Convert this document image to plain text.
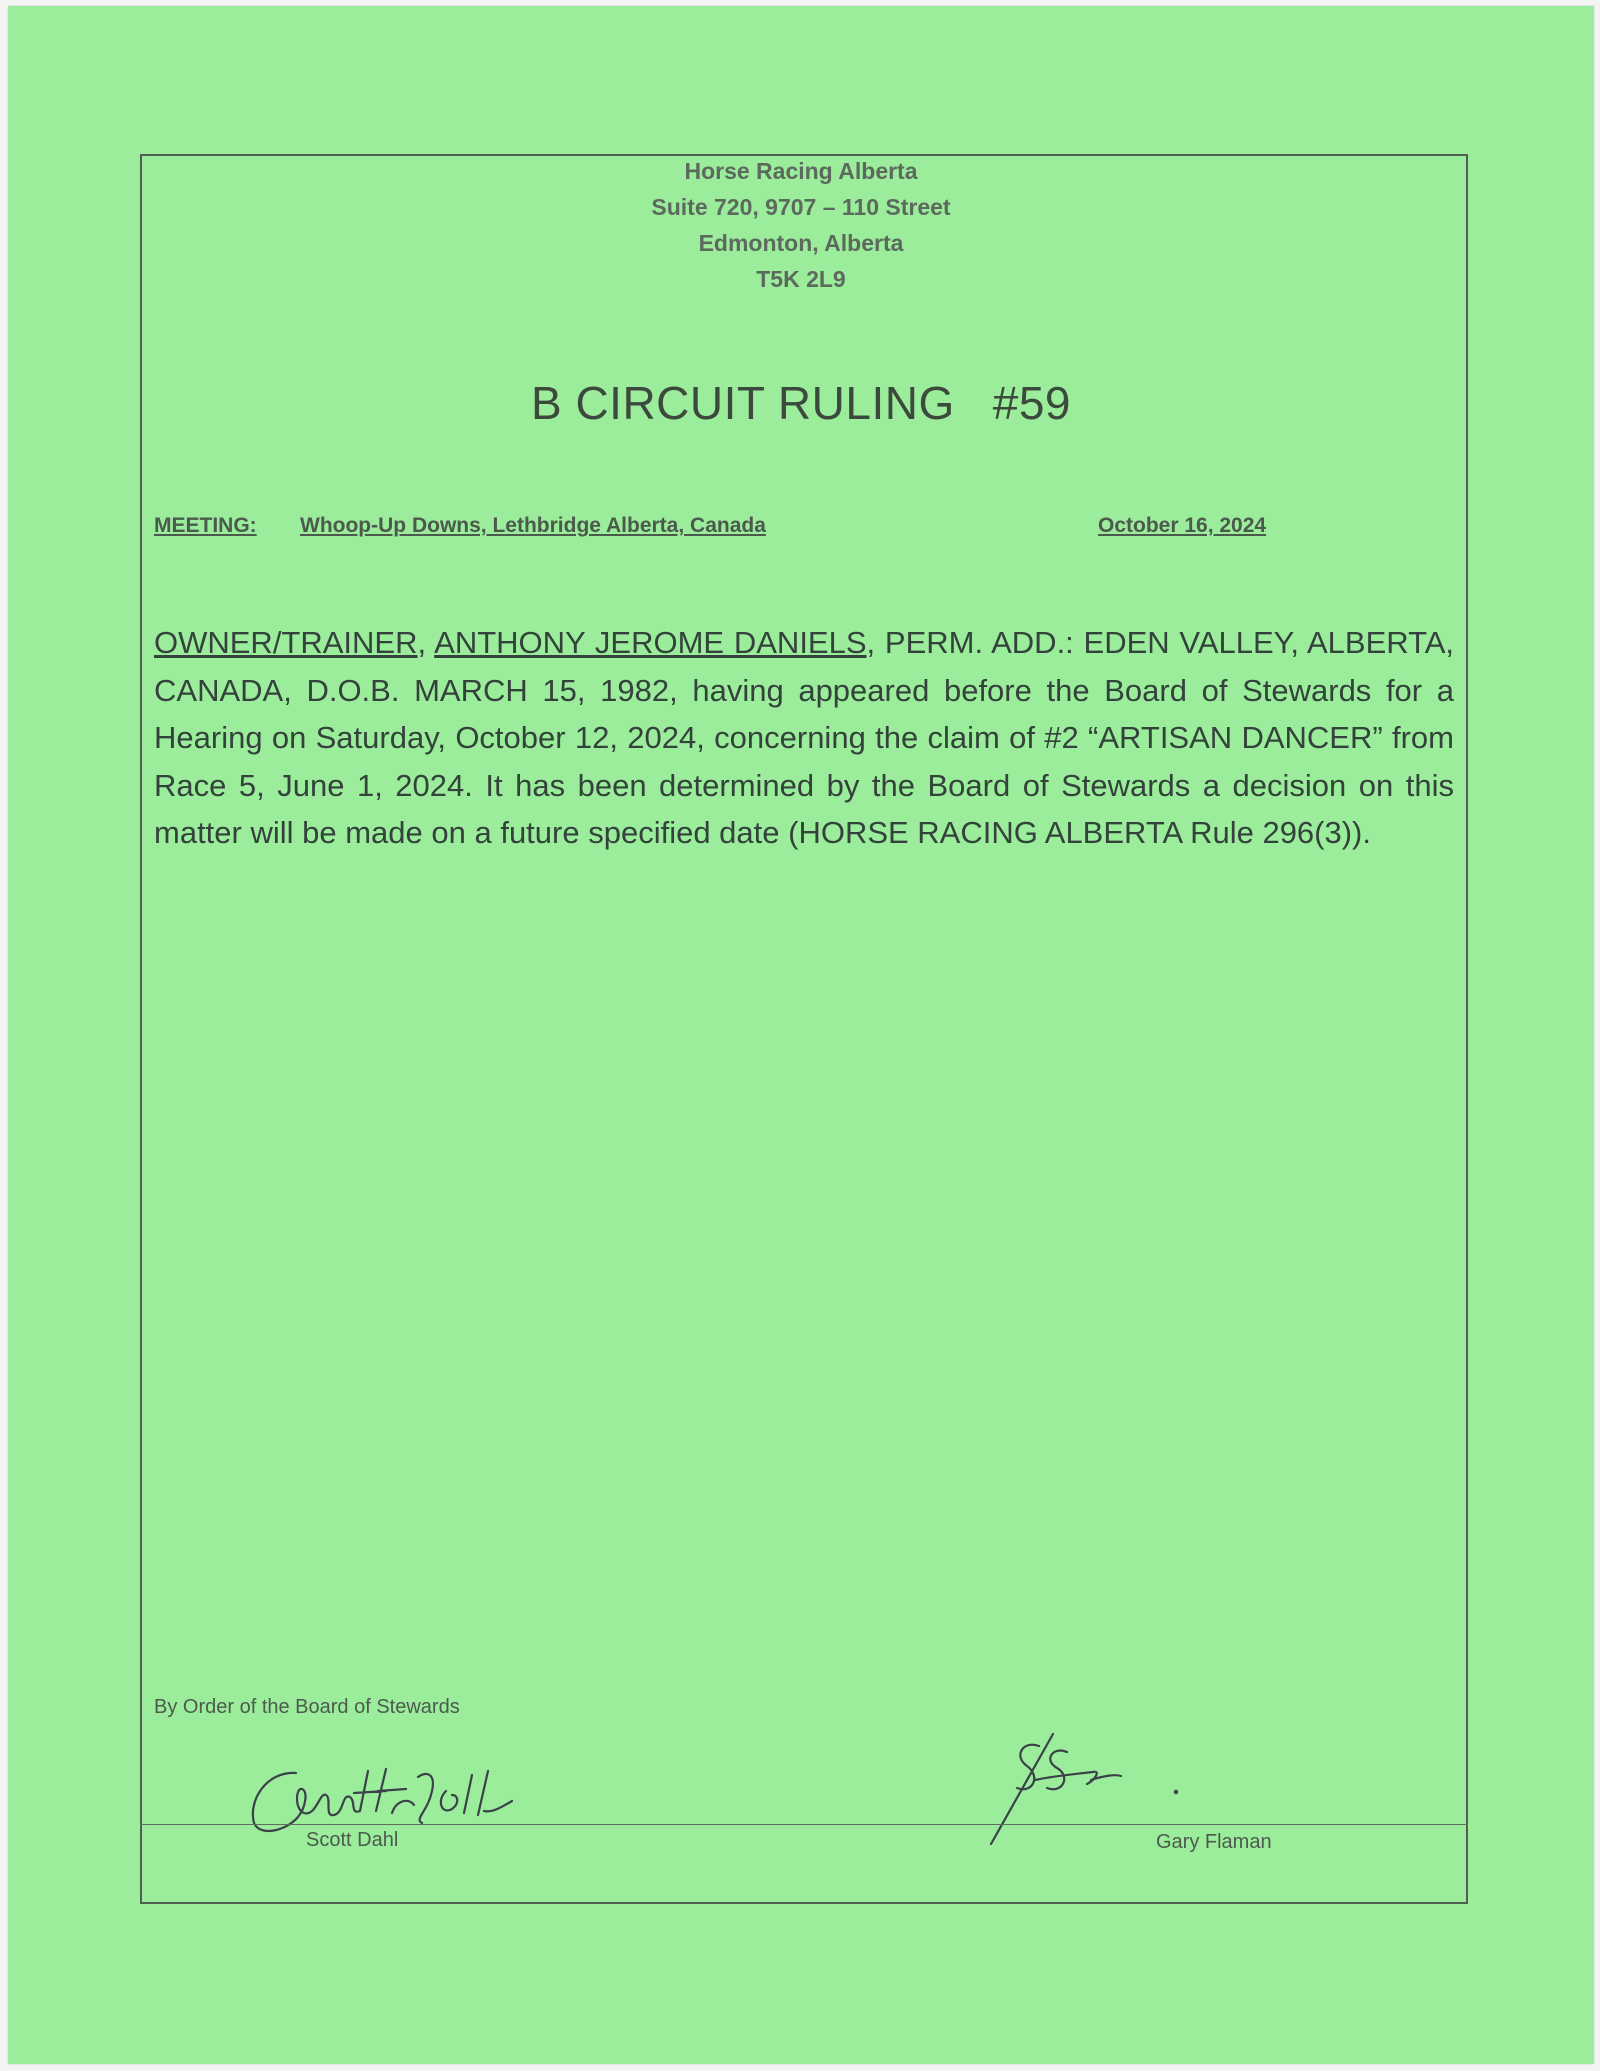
Horse Racing Alberta
Suite 720, 9707 – 110 Street
Edmonton, Alberta
T5K 2L9
B CIRCUIT RULING #59
MEETING: Whoop-Up Downs, Lethbridge Alberta, Canada	October 16, 2024
OWNER/TRAINER, ANTHONY JEROME DANIELS, PERM. ADD.: EDEN VALLEY, ALBERTA, CANADA, D.O.B. MARCH 15, 1982, having appeared before the Board of Stewards for a Hearing on Saturday, October 12, 2024, concerning the claim of #2 “ARTISAN DANCER” from Race 5, June 1, 2024. It has been determined by the Board of Stewards a decision on this matter will be made on a future specified date (HORSE RACING ALBERTA Rule 296(3)).
By Order of the Board of Stewards
Scott Dahl	Gary Flaman
